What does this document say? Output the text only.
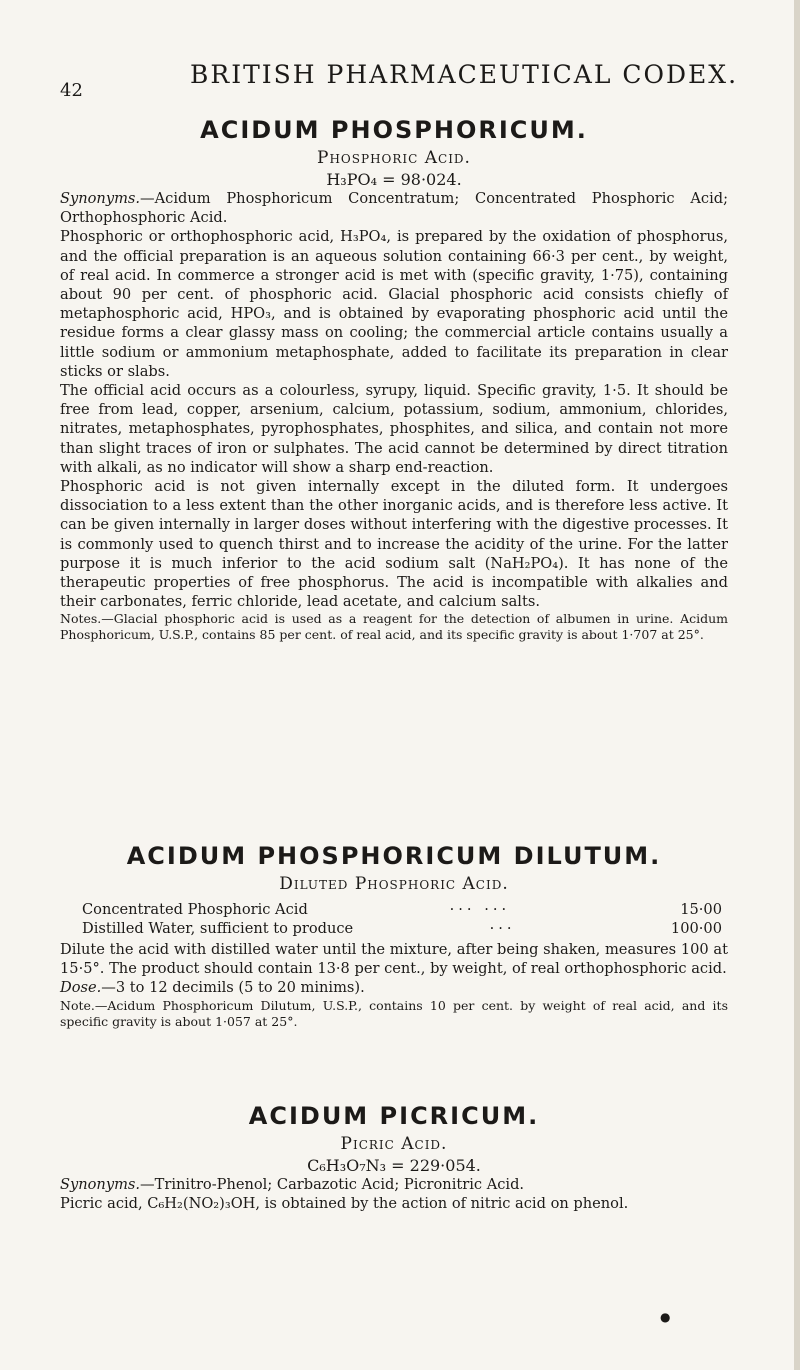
42
BRITISH PHARMACEUTICAL CODEX.
ACIDUM PHOSPHORICUM.
Phosphoric Acid.
H₃PO₄ = 98·024.

Synonyms.—Acidum Phosphoricum Concentratum; Concentrated Phosphoric Acid; Orthophosphoric Acid.

Phosphoric or orthophosphoric acid, H₃PO₄, is prepared by the oxidation of phosphorus, and the official preparation is an aqueous solution containing 66·3 per cent., by weight, of real acid. In commerce a stronger acid is met with (specific gravity, 1·75), containing about 90 per cent. of phosphoric acid. Glacial phosphoric acid consists chiefly of metaphosphoric acid, HPO₃, and is obtained by evaporating phosphoric acid until the residue forms a clear glassy mass on cooling; the commercial article contains usually a little sodium or ammonium metaphosphate, added to facilitate its preparation in clear sticks or slabs.

The official acid occurs as a colourless, syrupy, liquid. Specific gravity, 1·5. It should be free from lead, copper, arsenium, calcium, potassium, sodium, ammonium, chlorides, nitrates, metaphosphates, pyrophosphates, phosphites, and silica, and contain not more than slight traces of iron or sulphates. The acid cannot be determined by direct titration with alkali, as no indicator will show a sharp end-reaction.

Phosphoric acid is not given internally except in the diluted form. It undergoes dissociation to a less extent than the other inorganic acids, and is therefore less active. It can be given internally in larger doses without interfering with the digestive processes. It is commonly used to quench thirst and to increase the acidity of the urine. For the latter purpose it is much inferior to the acid sodium salt (NaH₂PO₄). It has none of the therapeutic properties of free phosphorus. The acid is incompatible with alkalies and their carbonates, ferric chloride, lead acetate, and calcium salts.

Notes.—Glacial phosphoric acid is used as a reagent for the detection of albumen in urine. Acidum Phosphoricum, U.S.P., contains 85 per cent. of real acid, and its specific gravity is about 1·707 at 25°.

ACIDUM PHOSPHORICUM DILUTUM.
Diluted Phosphoric Acid.
Concentrated Phosphoric Acid	··· ···	15·00
Distilled Water, sufficient to produce	···	100·00

Dilute the acid with distilled water until the mixture, after being shaken, measures 100 at 15·5°. The product should contain 13·8 per cent., by weight, of real orthophosphoric acid.

Dose.—3 to 12 decimils (5 to 20 minims).

Note.—Acidum Phosphoricum Dilutum, U.S.P., contains 10 per cent. by weight of real acid, and its specific gravity is about 1·057 at 25°.

ACIDUM PICRICUM.
Picric Acid.
C₆H₃O₇N₃ = 229·054.

Synonyms.—Trinitro-Phenol; Carbazotic Acid; Picronitric Acid.

Picric acid, C₆H₂(NO₂)₃OH, is obtained by the action of nitric acid on phenol.

●
